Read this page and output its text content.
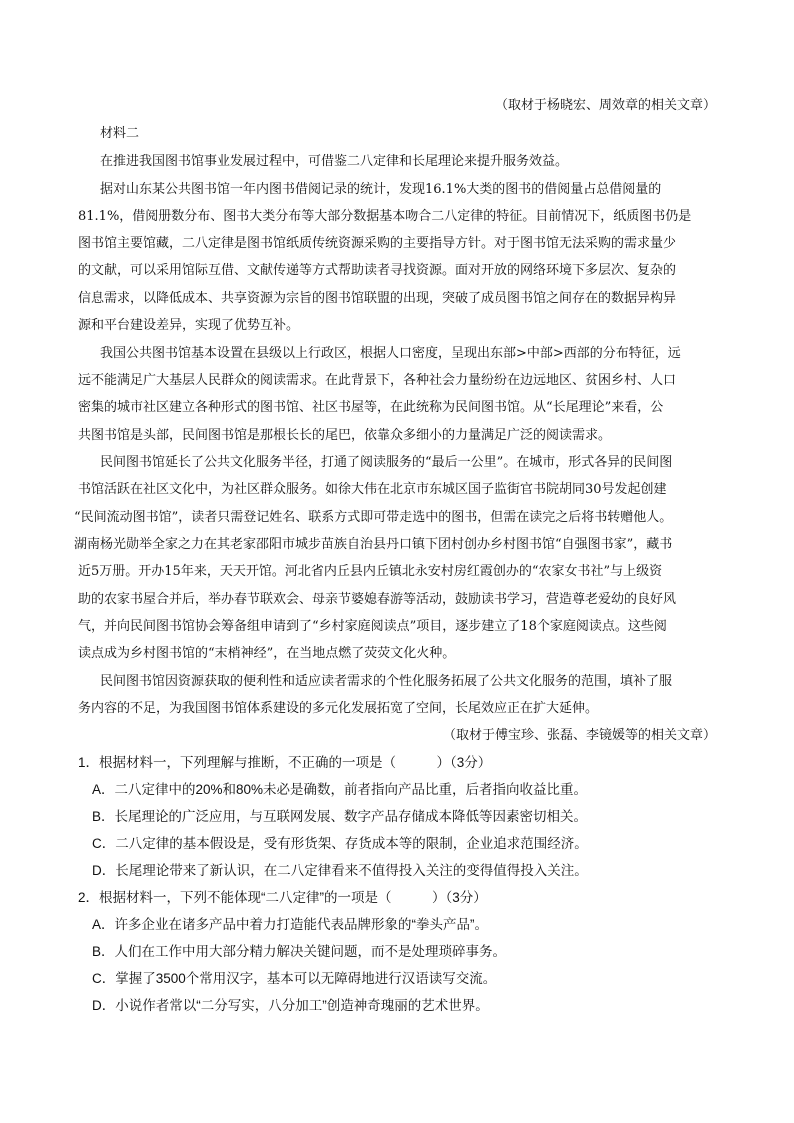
（取材于杨晓宏、周效章的相关文章）
材料二
在推进我国图书馆事业发展过程中，可借鉴二八定律和长尾理论来提升服务效益。
据对山东某公共图书馆一年内图书借阅记录的统计，发现16.1%大类的图书的借阅量占总借阅量的
81.1%，借阅册数分布、图书大类分布等大部分数据基本吻合二八定律的特征。目前情况下，纸质图书仍是
图书馆主要馆藏，二八定律是图书馆纸质传统资源采购的主要指导方针。对于图书馆无法采购的需求量少
的文献，可以采用馆际互借、文献传递等方式帮助读者寻找资源。面对开放的网络环境下多层次、复杂的
信息需求，以降低成本、共享资源为宗旨的图书馆联盟的出现，突破了成员图书馆之间存在的数据异构异
源和平台建设差异，实现了优势互补。
我国公共图书馆基本设置在县级以上行政区，根据人口密度，呈现出东部>中部>西部的分布特征，远
远不能满足广大基层人民群众的阅读需求。在此背景下，各种社会力量纷纷在边远地区、贫困乡村、人口
密集的城市社区建立各种形式的图书馆、社区书屋等，在此统称为民间图书馆。从“长尾理论”来看，公
共图书馆是头部，民间图书馆是那根长长的尾巴，依靠众多细小的力量满足广泛的阅读需求。
民间图书馆延长了公共文化服务半径，打通了阅读服务的“最后一公里”。在城市，形式各异的民间图
书馆活跃在社区文化中，为社区群众服务。如徐大伟在北京市东城区国子监街官书院胡同30号发起创建
“民间流动图书馆”，读者只需登记姓名、联系方式即可带走选中的图书，但需在读完之后将书转赠他人。
湖南杨光勋举全家之力在其老家邵阳市城步苗族自治县丹口镇下团村创办乡村图书馆“自强图书家”，藏书
近5万册。开办15年来，天天开馆。河北省内丘县内丘镇北永安村房红霞创办的“农家女书社”与上级资
助的农家书屋合并后，举办春节联欢会、母亲节婆媳春游等活动，鼓励读书学习，营造尊老爱幼的良好风
气，并向民间图书馆协会筹备组申请到了“乡村家庭阅读点”项目，逐步建立了18个家庭阅读点。这些阅
读点成为乡村图书馆的“末梢神经”，在当地点燃了荧荧文化火种。
民间图书馆因资源获取的便利性和适应读者需求的个性化服务拓展了公共文化服务的范围，填补了服
务内容的不足，为我国图书馆体系建设的多元化发展拓宽了空间，长尾效应正在扩大延伸。
（取材于傅宝珍、张磊、李镜媛等的相关文章）
1．根据材料一，下列理解与推断，不正确的一项是（　　　）（3分）
A．二八定律中的20%和80%未必是确数，前者指向产品比重，后者指向收益比重。
B．长尾理论的广泛应用，与互联网发展、数字产品存储成本降低等因素密切相关。
C．二八定律的基本假设是，受有形货架、存货成本等的限制，企业追求范围经济。
D．长尾理论带来了新认识，在二八定律看来不值得投入关注的变得值得投入关注。
2．根据材料一，下列不能体现“二八定律”的一项是（　　　）（3分）
A．许多企业在诸多产品中着力打造能代表品牌形象的“拳头产品”。
B．人们在工作中用大部分精力解决关键问题，而不是处理琐碎事务。
C．掌握了3500个常用汉字，基本可以无障碍地进行汉语读写交流。
D．小说作者常以“二分写实，八分加工”创造神奇瑰丽的艺术世界。
